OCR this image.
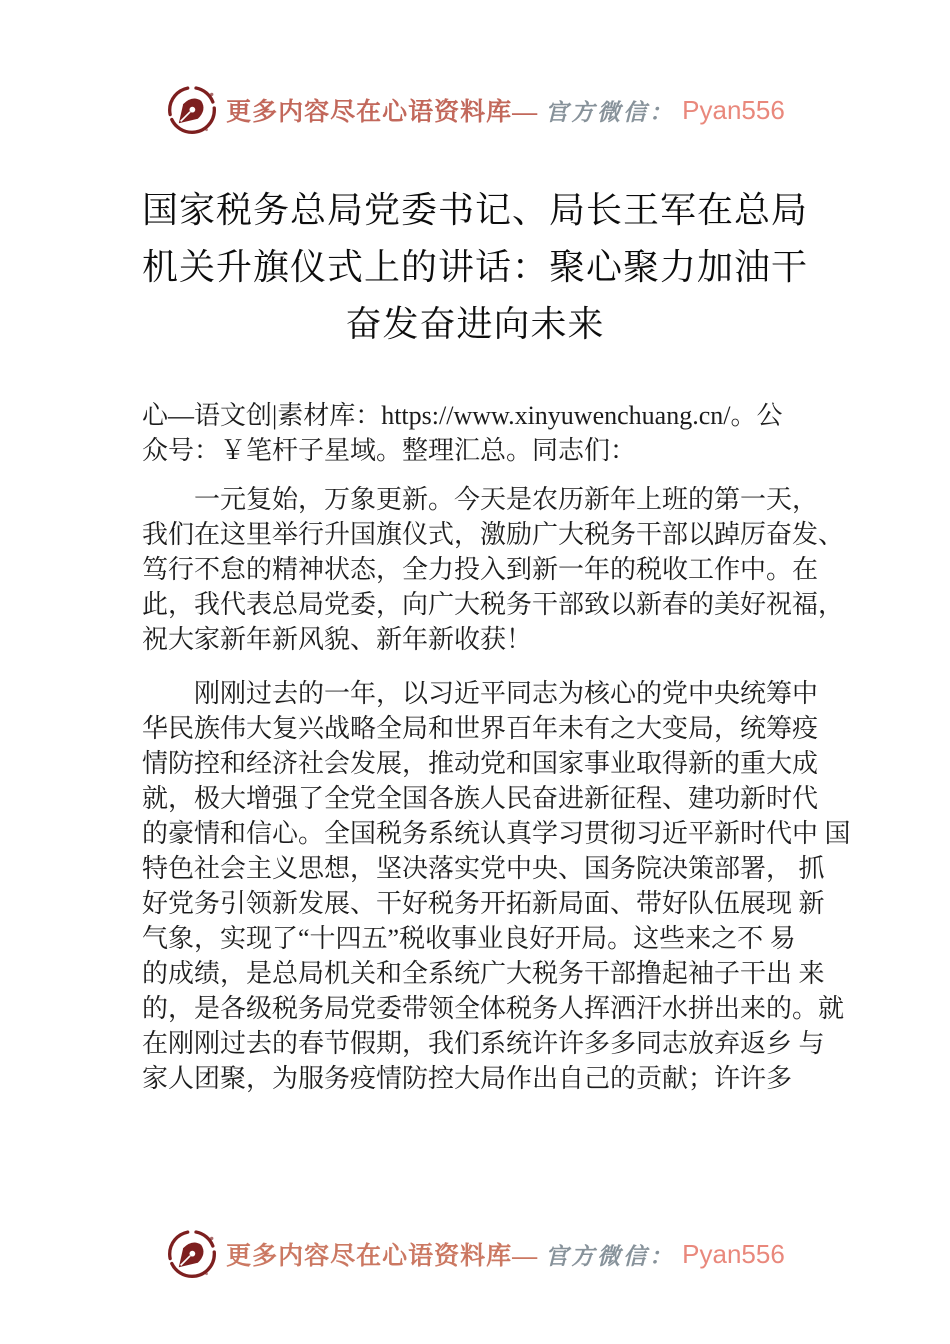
更多内容尽在心语资料库— 官方微信： Pyan556
国家税务总局党委书记、局长王军在总局
机关升旗仪式上的讲话：聚心聚力加油干
奋发奋进向未来
心—语文创|素材库：https://www.xinyuwenchuang.cn/。公
众号：￥笔杆子星域。整理汇总。同志们：
一元复始，万象更新。今天是农历新年上班的第一天，
我们在这里举行升国旗仪式，激励广大税务干部以踔厉奋发、
笃行不怠的精神状态，全力投入到新一年的税收工作中。在
此，我代表总局党委，向广大税务干部致以新春的美好祝福，
祝大家新年新风貌、新年新收获！
刚刚过去的一年，以习近平同志为核心的党中央统筹中
华民族伟大复兴战略全局和世界百年未有之大变局，统筹疫
情防控和经济社会发展，推动党和国家事业取得新的重大成
就，极大增强了全党全国各族人民奋进新征程、建功新时代
的豪情和信心。全国税务系统认真学习贯彻习近平新时代中 国
特色社会主义思想，坚决落实党中央、国务院决策部署， 抓
好党务引领新发展、干好税务开拓新局面、带好队伍展现 新
气象，实现了“十四五”税收事业良好开局。这些来之不 易
的成绩，是总局机关和全系统广大税务干部撸起袖子干出 来
的，是各级税务局党委带领全体税务人挥洒汗水拼出来的。就
在刚刚过去的春节假期，我们系统许许多多同志放弃返乡 与
家人团聚，为服务疫情防控大局作出自己的贡献；许许多
更多内容尽在心语资料库— 官方微信： Pyan556
